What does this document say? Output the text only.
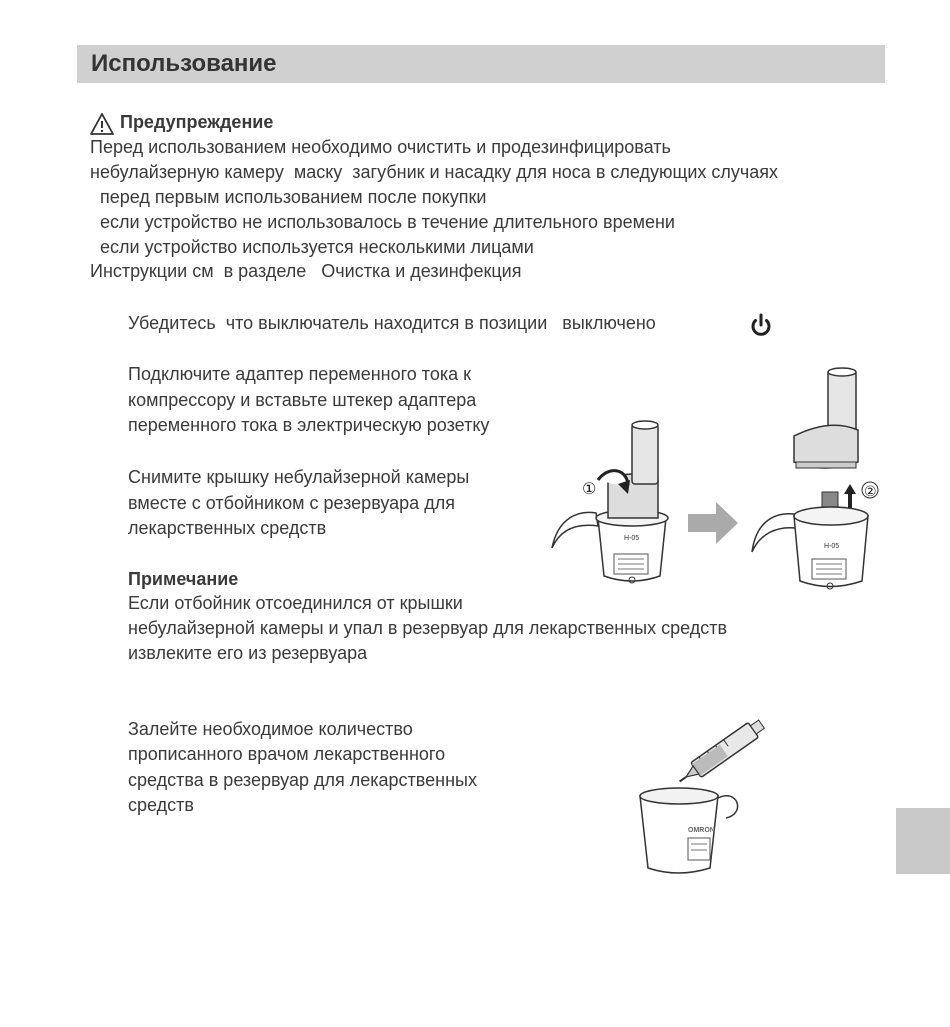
Использование
Предупреждение
Перед использованием необходимо очистить и продезинфицировать
небулайзерную камеру  маску  загубник и насадку для носа в следующих случаях
перед первым использованием после покупки
если устройство не использовалось в течение длительного времени
если устройство используется несколькими лицами
Инструкции см  в разделе   Очистка и дезинфекция
Убедитесь  что выключатель находится в позиции   выключено
Подключите адаптер переменного тока к
компрессору и вставьте штекер адаптера
переменного тока в электрическую розетку
Снимите крышку небулайзерной камеры
вместе с отбойником с резервуара для
лекарственных средств
Примечание
Если отбойник отсоединился от крышки
небулайзерной камеры и упал в резервуар для лекарственных средств
извлеките его из резервуара
Залейте необходимое количество
прописанного врачом лекарственного
средства в резервуар для лекарственных
средств
H-05
①	②
H-05
OMRON
